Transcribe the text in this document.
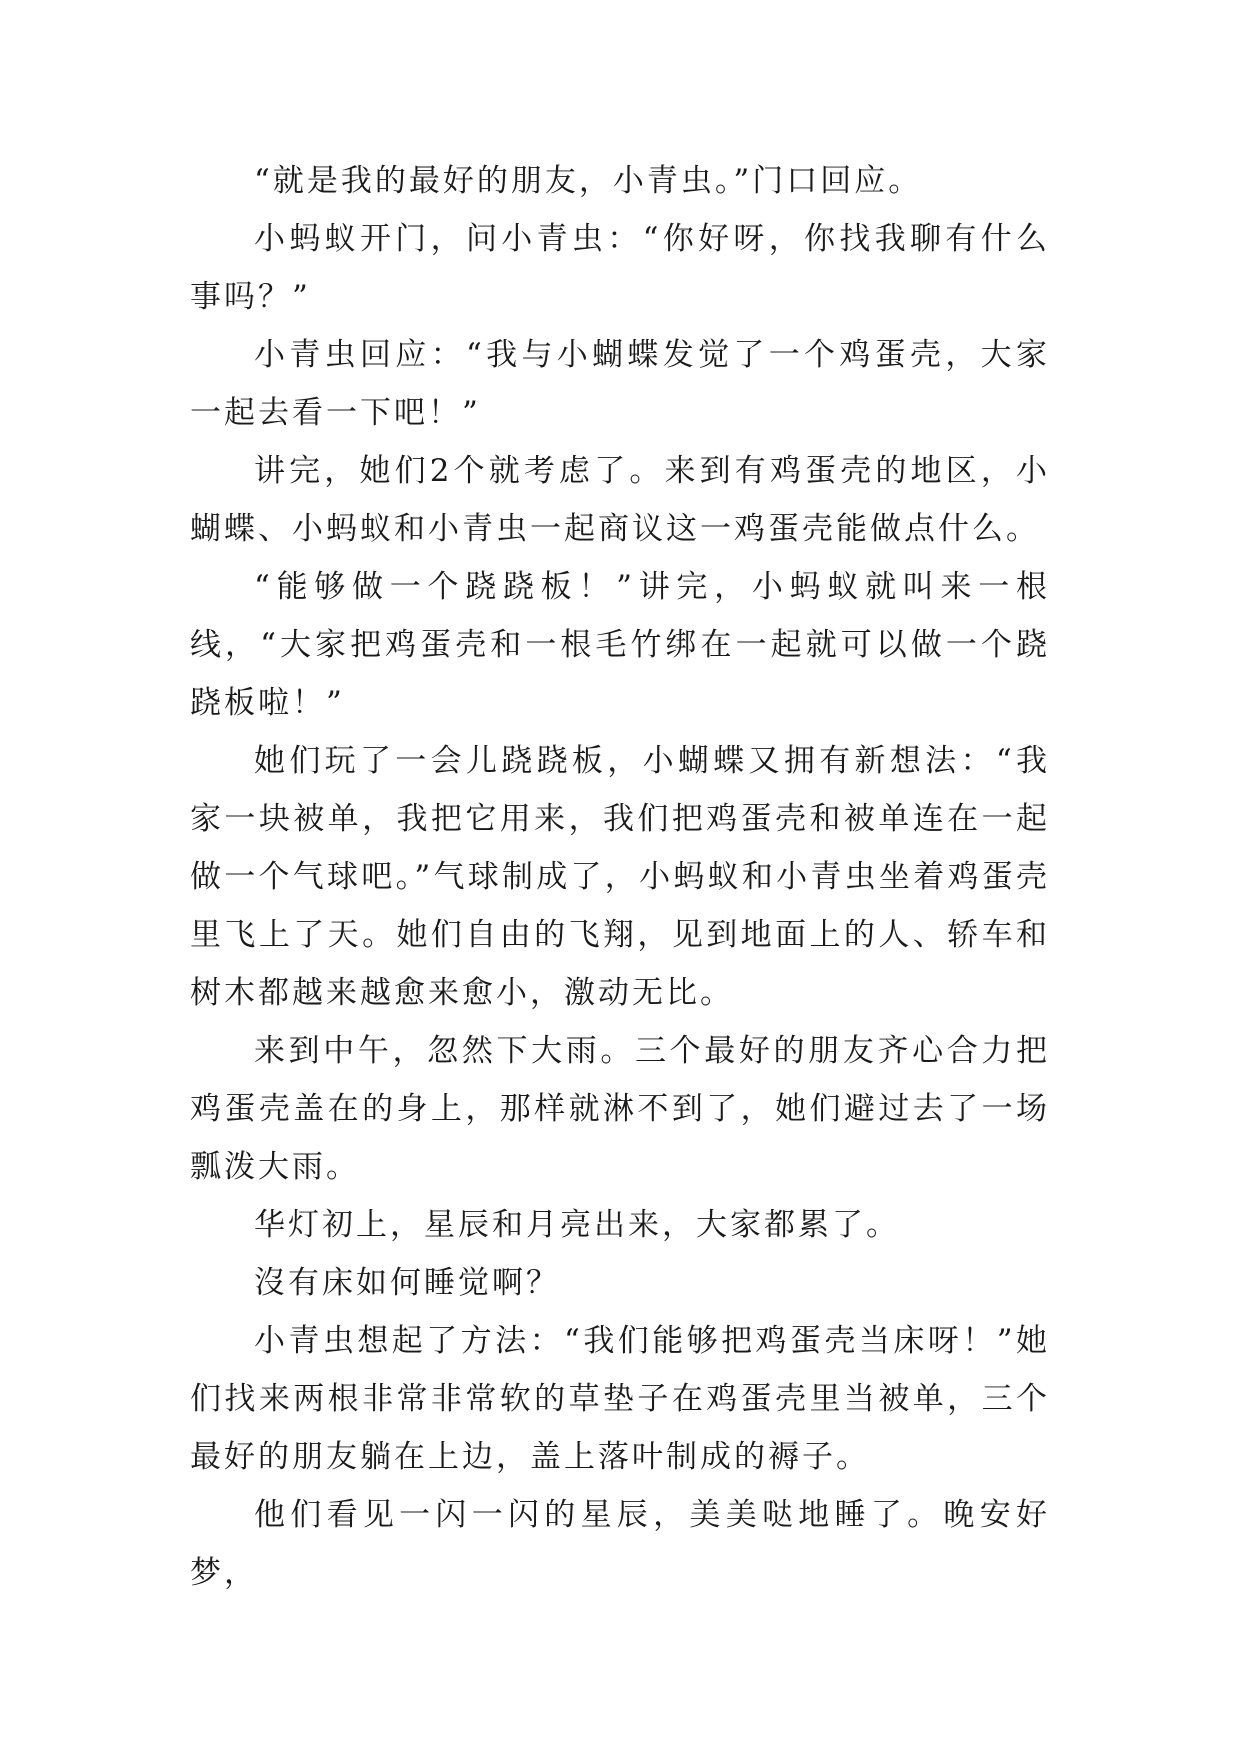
“就是我的最好的朋友，小青虫。”门口回应。

小蚂蚁开门，问小青虫：“你好呀，你找我聊有什么事吗？”

小青虫回应：“我与小蝴蝶发觉了一个鸡蛋壳，大家一起去看一下吧！”

讲完，她们2个就考虑了。来到有鸡蛋壳的地区，小蝴蝶、小蚂蚁和小青虫一起商议这一鸡蛋壳能做点什么。

“能够做一个跷跷板！”讲完，小蚂蚁就叫来一根线，“大家把鸡蛋壳和一根毛竹绑在一起就可以做一个跷跷板啦！”

她们玩了一会儿跷跷板，小蝴蝶又拥有新想法：“我家一块被单，我把它用来，我们把鸡蛋壳和被单连在一起做一个气球吧。”气球制成了，小蚂蚁和小青虫坐着鸡蛋壳里飞上了天。她们自由的飞翔，见到地面上的人、轿车和树木都越来越愈来愈小，激动无比。

来到中午，忽然下大雨。三个最好的朋友齐心合力把鸡蛋壳盖在的身上，那样就淋不到了，她们避过去了一场瓢泼大雨。

华灯初上，星辰和月亮出来，大家都累了。

沒有床如何睡觉啊？

小青虫想起了方法：“我们能够把鸡蛋壳当床呀！”她们找来两根非常非常软的草垫子在鸡蛋壳里当被单，三个最好的朋友躺在上边，盖上落叶制成的褥子。

他们看见一闪一闪的星辰，美美哒地睡了。晚安好梦，
